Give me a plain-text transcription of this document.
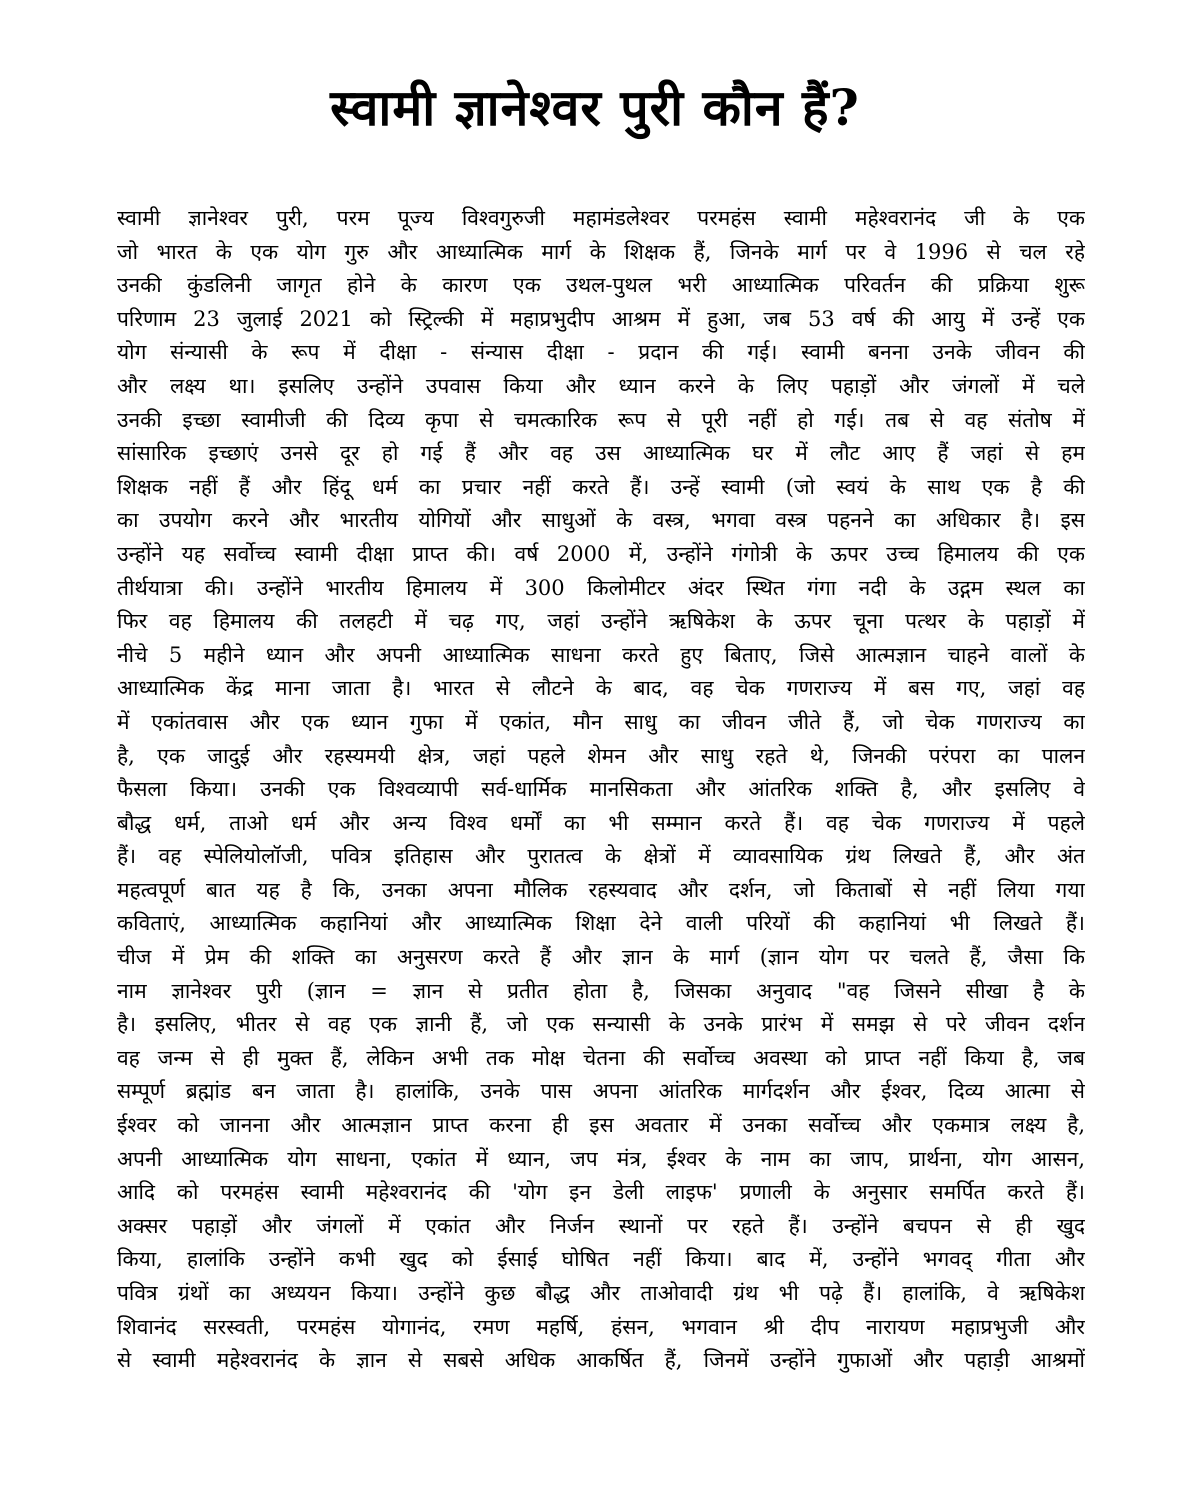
स्वामी ज्ञानेश्वर पुरी कौन हैं?
स्वामी ज्ञानेश्वर पुरी, परम पूज्य विश्वगुरुजी महामंडलेश्वर परमहंस स्वामी महेश्वरानंद जी के एक
जो भारत के एक योग गुरु और आध्यात्मिक मार्ग के शिक्षक हैं, जिनके मार्ग पर वे 1996 से चल रहे
उनकी कुंडलिनी जागृत होने के कारण एक उथल-पुथल भरी आध्यात्मिक परिवर्तन की प्रक्रिया शुरू
परिणाम 23 जुलाई 2021 को स्ट्रिल्की में महाप्रभुदीप आश्रम में हुआ, जब 53 वर्ष की आयु में उन्हें एक
योग संन्यासी के रूप में दीक्षा - संन्यास दीक्षा - प्रदान की गई। स्वामी बनना उनके जीवन की
और लक्ष्य था। इसलिए उन्होंने उपवास किया और ध्यान करने के लिए पहाड़ों और जंगलों में चले
उनकी इच्छा स्वामीजी की दिव्य कृपा से चमत्कारिक रूप से पूरी नहीं हो गई। तब से वह संतोष में
सांसारिक इच्छाएं उनसे दूर हो गई हैं और वह उस आध्यात्मिक घर में लौट आए हैं जहां से हम
शिक्षक नहीं हैं और हिंदू धर्म का प्रचार नहीं करते हैं। उन्हें स्वामी (जो स्वयं के साथ एक है की
का उपयोग करने और भारतीय योगियों और साधुओं के वस्त्र, भगवा वस्त्र पहनने का अधिकार है। इस
उन्होंने यह सर्वोच्च स्वामी दीक्षा प्राप्त की। वर्ष 2000 में, उन्होंने गंगोत्री के ऊपर उच्च हिमालय की एक
तीर्थयात्रा की। उन्होंने भारतीय हिमालय में 300 किलोमीटर अंदर स्थित गंगा नदी के उद्गम स्थल का
फिर वह हिमालय की तलहटी में चढ़ गए, जहां उन्होंने ऋषिकेश के ऊपर चूना पत्थर के पहाड़ों में
नीचे 5 महीने ध्यान और अपनी आध्यात्मिक साधना करते हुए बिताए, जिसे आत्मज्ञान चाहने वालों के
आध्यात्मिक केंद्र माना जाता है। भारत से लौटने के बाद, वह चेक गणराज्य में बस गए, जहां वह
में एकांतवास और एक ध्यान गुफा में एकांत, मौन साधु का जीवन जीते हैं, जो चेक गणराज्य का
है, एक जादुई और रहस्यमयी क्षेत्र, जहां पहले शेमन और साधु रहते थे, जिनकी परंपरा का पालन
फैसला किया। उनकी एक विश्वव्यापी सर्व-धार्मिक मानसिकता और आंतरिक शक्ति है, और इसलिए वे
बौद्ध धर्म, ताओ धर्म और अन्य विश्व धर्मों का भी सम्मान करते हैं। वह चेक गणराज्य में पहले
हैं। वह स्पेलियोलॉजी, पवित्र इतिहास और पुरातत्व के क्षेत्रों में व्यावसायिक ग्रंथ लिखते हैं, और अंत
महत्वपूर्ण बात यह है कि, उनका अपना मौलिक रहस्यवाद और दर्शन, जो किताबों से नहीं लिया गया
कविताएं, आध्यात्मिक कहानियां और आध्यात्मिक शिक्षा देने वाली परियों की कहानियां भी लिखते हैं।
चीज में प्रेम की शक्ति का अनुसरण करते हैं और ज्ञान के मार्ग (ज्ञान योग पर चलते हैं, जैसा कि
नाम ज्ञानेश्वर पुरी (ज्ञान = ज्ञान से प्रतीत होता है, जिसका अनुवाद "वह जिसने सीखा है के
है। इसलिए, भीतर से वह एक ज्ञानी हैं, जो एक सन्यासी के उनके प्रारंभ में समझ से परे जीवन दर्शन
वह जन्म से ही मुक्त हैं, लेकिन अभी तक मोक्ष चेतना की सर्वोच्च अवस्था को प्राप्त नहीं किया है, जब
सम्पूर्ण ब्रह्मांड बन जाता है। हालांकि, उनके पास अपना आंतरिक मार्गदर्शन और ईश्वर, दिव्य आत्मा से
ईश्वर को जानना और आत्मज्ञान प्राप्त करना ही इस अवतार में उनका सर्वोच्च और एकमात्र लक्ष्य है,
अपनी आध्यात्मिक योग साधना, एकांत में ध्यान, जप मंत्र, ईश्वर के नाम का जाप, प्रार्थना, योग आसन,
आदि को परमहंस स्वामी महेश्वरानंद की 'योग इन डेली लाइफ' प्रणाली के अनुसार समर्पित करते हैं।
अक्सर पहाड़ों और जंगलों में एकांत और निर्जन स्थानों पर रहते हैं। उन्होंने बचपन से ही खुद
किया, हालांकि उन्होंने कभी खुद को ईसाई घोषित नहीं किया। बाद में, उन्होंने भगवद् गीता और
पवित्र ग्रंथों का अध्ययन किया। उन्होंने कुछ बौद्ध और ताओवादी ग्रंथ भी पढ़े हैं। हालांकि, वे ऋषिकेश
शिवानंद सरस्वती, परमहंस योगानंद, रमण महर्षि, हंसन, भगवान श्री दीप नारायण महाप्रभुजी और
से स्वामी महेश्वरानंद के ज्ञान से सबसे अधिक आकर्षित हैं, जिनमें उन्होंने गुफाओं और पहाड़ी आश्रमों
